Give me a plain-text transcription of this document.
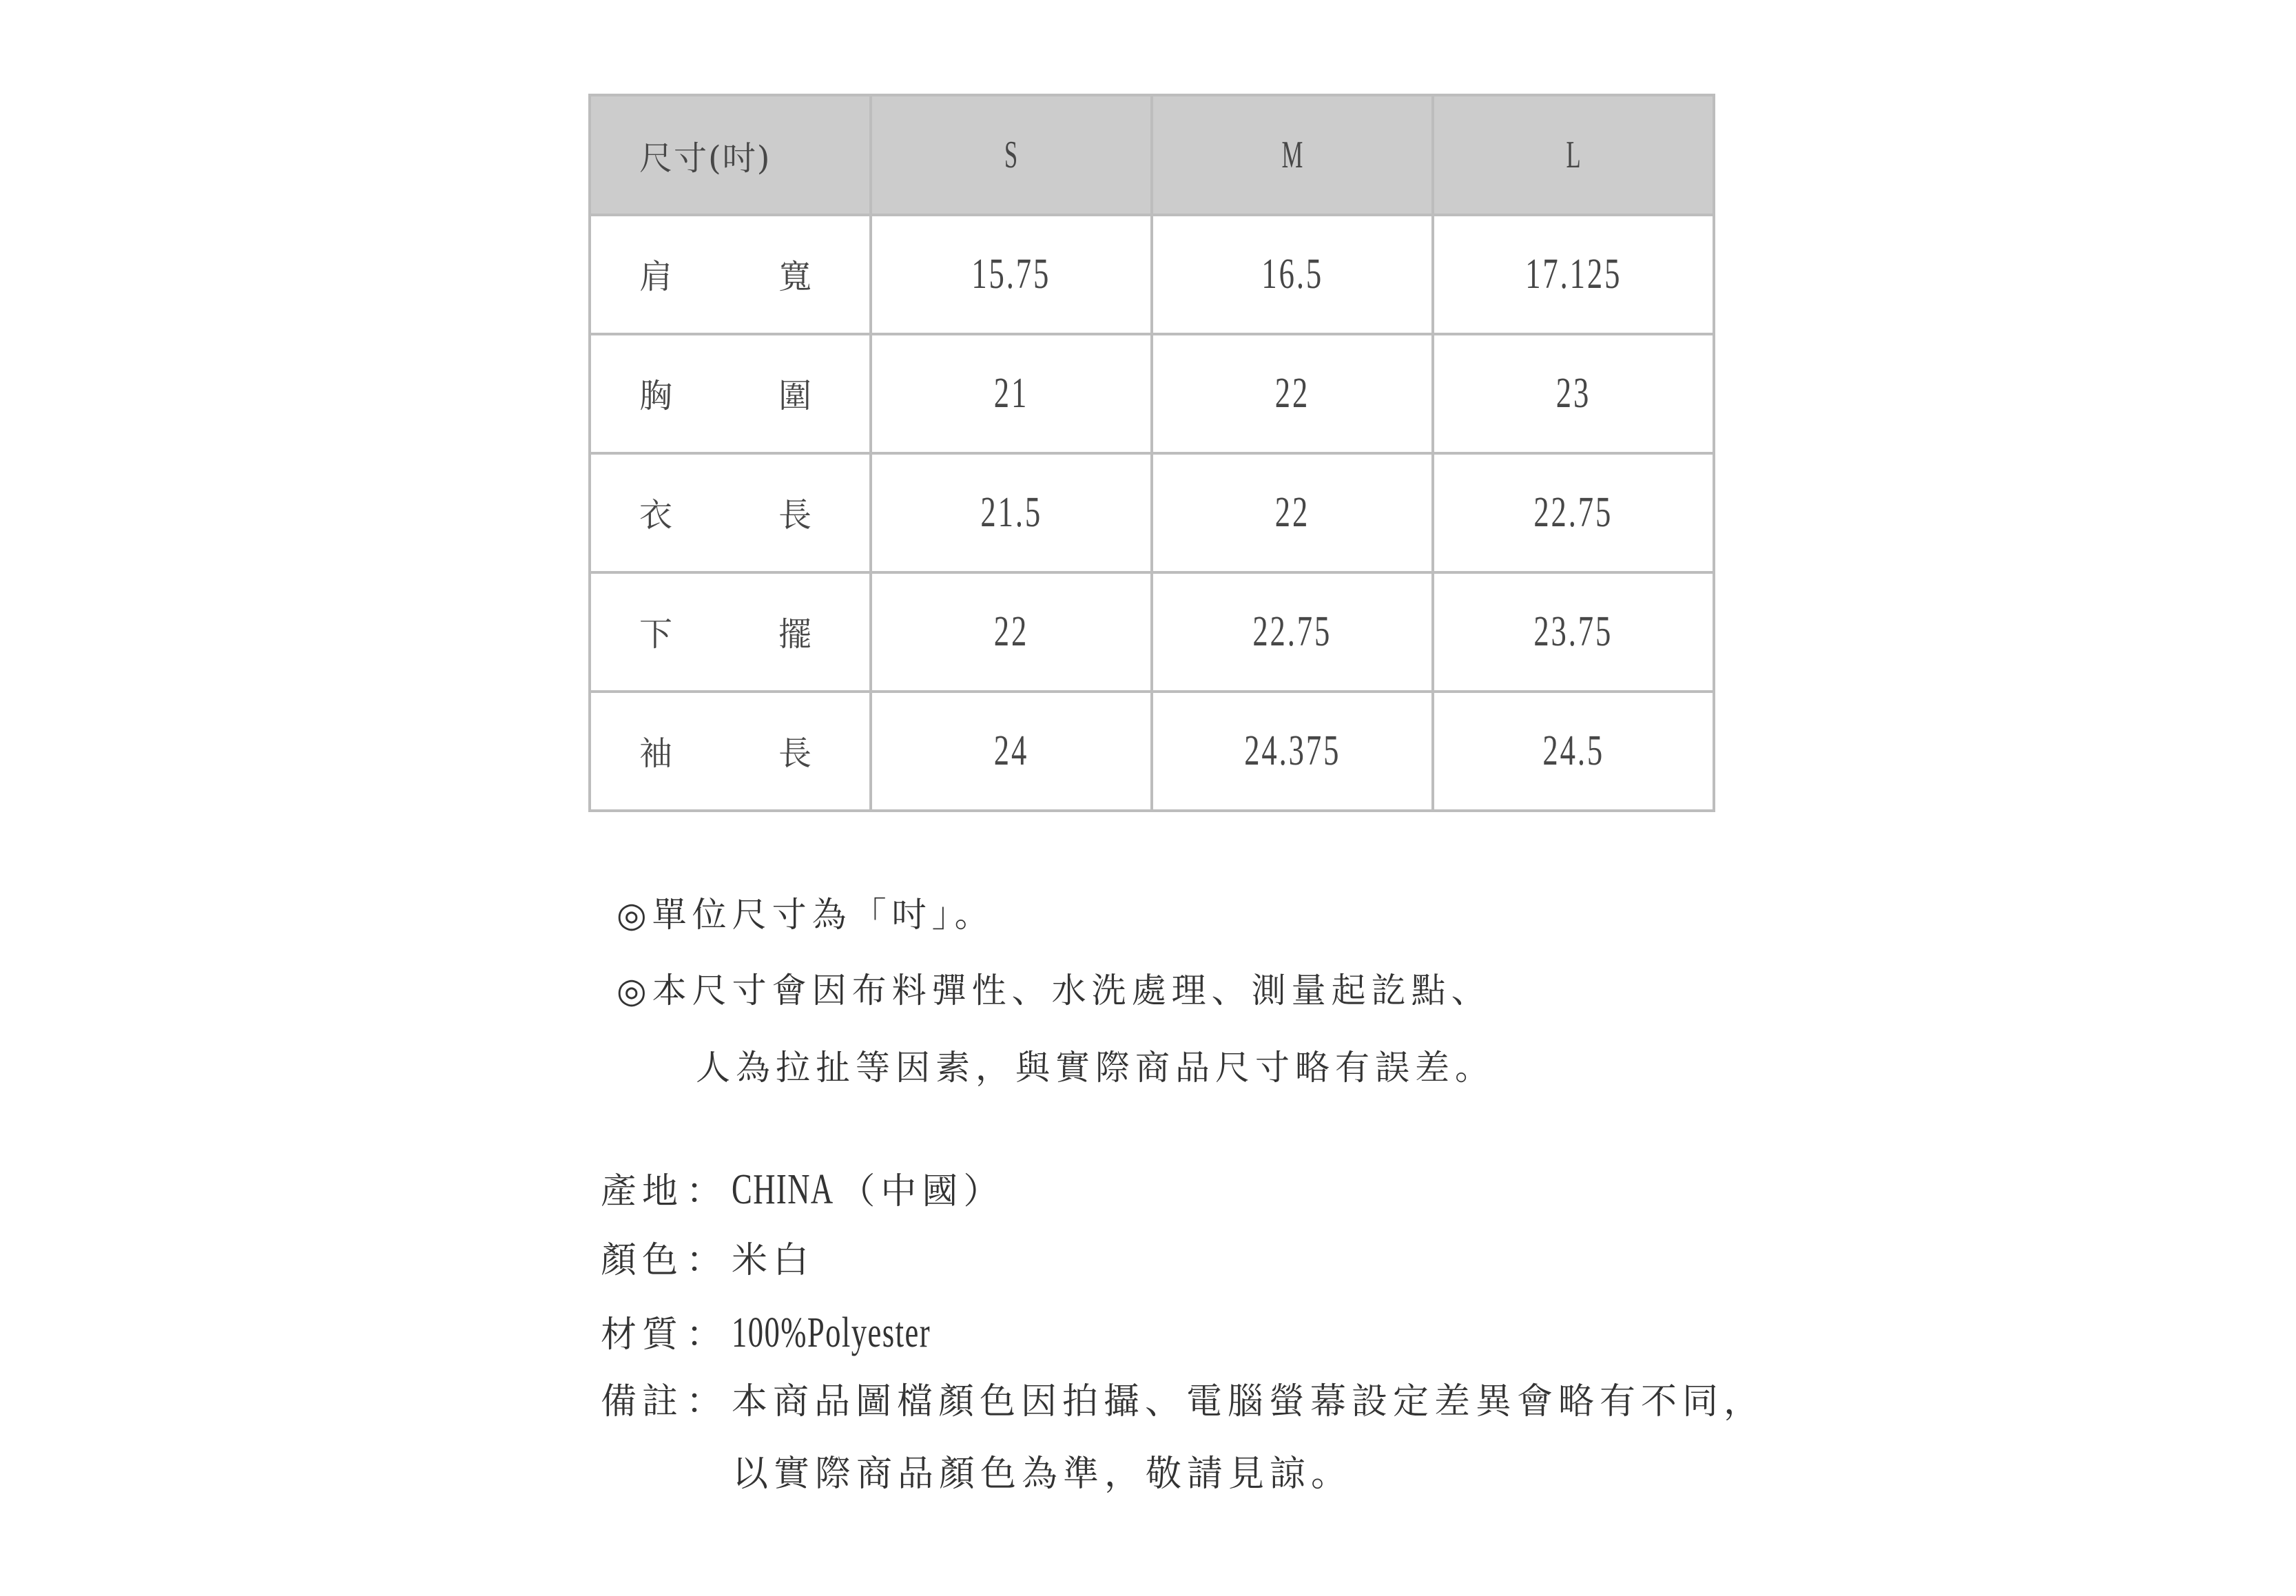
尺寸(吋)	S	M	L

肩 寬	15.75	16.5	17.125

胸 圍	21	22	23

衣 長	21.5	22	22.75

下 擺	22	22.75	23.75

袖 長	24	24.375	24.5
◎單位尺寸為「吋」。
◎本尺寸會因布料彈性、水洗處理、測量起訖點、
人為拉扯等因素，與實際商品尺寸略有誤差。
產地：CHINA （中國）
顏色： 米白
材質：100%Polyester
備註： 本商品圖檔顏色因拍攝、電腦螢幕設定差異會略有不同，
以實際商品顏色為準，敬請見諒。
